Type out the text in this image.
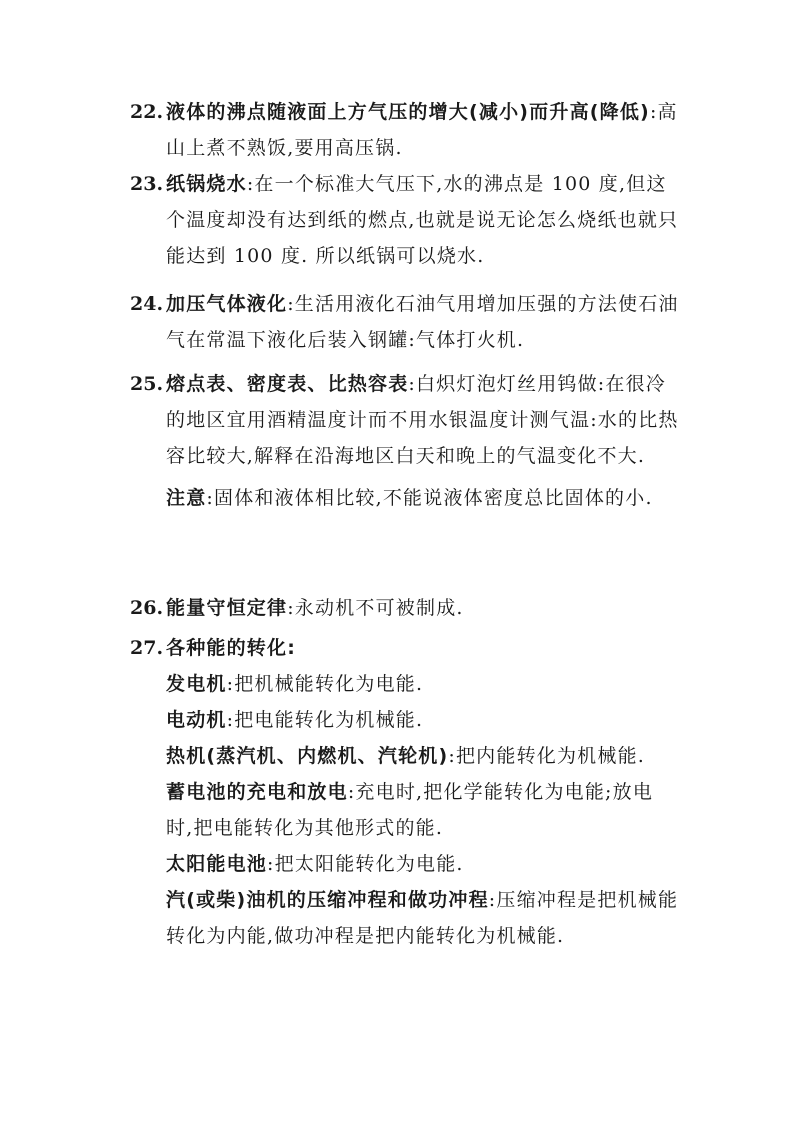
22. 液体的沸点随液面上方气压的增大(减小)而升高(降低):高山上煮不熟饭,要用高压锅.
23. 纸锅烧水:在一个标准大气压下,水的沸点是 100 度,但这个温度却没有达到纸的燃点,也就是说无论怎么烧纸也就只能达到 100 度. 所以纸锅可以烧水.
24. 加压气体液化:生活用液化石油气用增加压强的方法使石油气在常温下液化后装入钢罐:气体打火机.
25. 熔点表、密度表、比热容表:白炽灯泡灯丝用钨做:在很冷的地区宜用酒精温度计而不用水银温度计测气温:水的比热容比较大,解释在沿海地区白天和晚上的气温变化不大.
注意:固体和液体相比较,不能说液体密度总比固体的小.
26. 能量守恒定律:永动机不可被制成.
27. 各种能的转化:
发电机:把机械能转化为电能.
电动机:把电能转化为机械能.
热机(蒸汽机、内燃机、汽轮机):把内能转化为机械能.
蓄电池的充电和放电:充电时,把化学能转化为电能;放电时,把电能转化为其他形式的能.
太阳能电池:把太阳能转化为电能.
汽(或柴)油机的压缩冲程和做功冲程:压缩冲程是把机械能转化为内能,做功冲程是把内能转化为机械能.
